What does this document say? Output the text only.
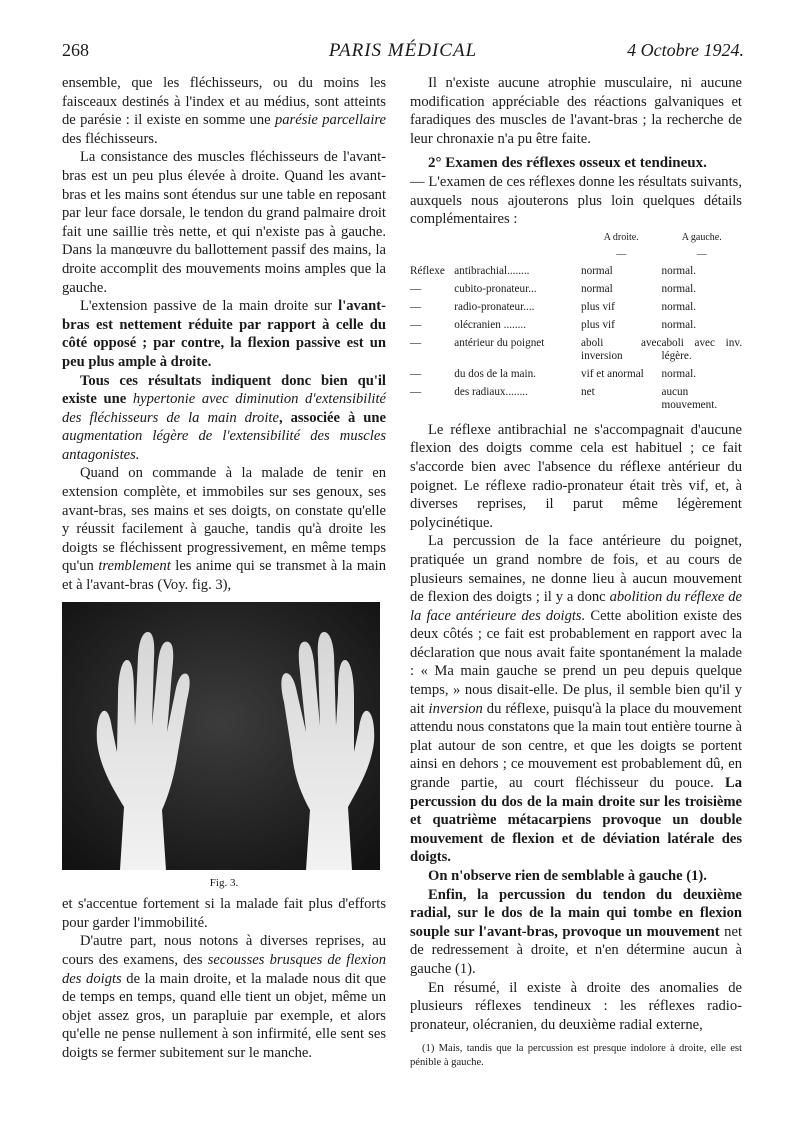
268	PARIS MÉDICAL	4 Octobre 1924.

ensemble, que les fléchisseurs, ou du moins les faisceaux destinés à l'index et au médius, sont atteints de parésie : il existe en somme une parésie parcellaire des fléchisseurs.

La consistance des muscles fléchisseurs de l'avant-bras est un peu plus élevée à droite. Quand les avant-bras et les mains sont étendus sur une table en reposant par leur face dorsale, le tendon du grand palmaire droit fait une saillie très nette, et qui n'existe pas à gauche. Dans la manœuvre du ballottement passif des mains, la droite accomplit des mouvements moins amples que la gauche.

L'extension passive de la main droite sur l'avant-bras est nettement réduite par rapport à celle du côté opposé ; par contre, la flexion passive est un peu plus ample à droite.

Tous ces résultats indiquent donc bien qu'il existe une hypertonie avec diminution d'extensibilité des fléchisseurs de la main droite, associée à une augmentation légère de l'extensibilité des muscles antagonistes.

Quand on commande à la malade de tenir en extension complète, et immobiles sur ses genoux, ses avant-bras, ses mains et ses doigts, on constate qu'elle y réussit facilement à gauche, tandis qu'à droite les doigts se fléchissent progressivement, en même temps qu'un tremblement les anime qui se transmet à la main et à l'avant-bras (Voy. fig. 3),

Fig. 3.

et s'accentue fortement si la malade fait plus d'efforts pour garder l'immobilité.

D'autre part, nous notons à diverses reprises, au cours des examens, des secousses brusques de flexion des doigts de la main droite, et la malade nous dit que de temps en temps, quand elle tient un objet, même un objet assez gros, un parapluie par exemple, et alors qu'elle ne pense nullement à son infirmité, elle sent ses doigts se fermer subitement sur le manche.

Il n'existe aucune atrophie musculaire, ni aucune modification appréciable des réactions galvaniques et faradiques des muscles de l'avant-bras ; la recherche de leur chronaxie n'a pu être faite.

2° Examen des réflexes osseux et tendineux.

— L'examen de ces réflexes donne les résultats suivants, auxquels nous ajouterons plus loin quelques détails complémentaires :

		A droite.	A gauche.
		—	—
Réflexe	antibrachial........	normal	normal.
—	cubito-pronateur...	normal	normal.
—	radio-pronateur....	plus vif	normal.
—	olécranien ........	plus vif	normal.
—	antérieur du poignet	aboli avec inversion	aboli avec inv. légère.
—	du dos de la main.	vif et anormal	normal.
—	des radiaux........	net	aucun mouvement.

Le réflexe antibrachial ne s'accompagnait d'aucune flexion des doigts comme cela est habituel ; ce fait s'accorde bien avec l'absence du réflexe antérieur du poignet. Le réflexe radio-pronateur était très vif, et, à diverses reprises, il parut même légèrement polycinétique.

La percussion de la face antérieure du poignet, pratiquée un grand nombre de fois, et au cours de plusieurs semaines, ne donne lieu à aucun mouvement de flexion des doigts ; il y a donc abolition du réflexe de la face antérieure des doigts. Cette abolition existe des deux côtés ; ce fait est probablement en rapport avec la déclaration que nous avait faite spontanément la malade : « Ma main gauche se prend un peu depuis quelque temps, » nous disait-elle. De plus, il semble bien qu'il y ait inversion du réflexe, puisqu'à la place du mouvement attendu nous constatons que la main tout entière tourne à plat autour de son centre, et que les doigts se portent ainsi en dehors ; ce mouvement est probablement dû, en grande partie, au court fléchisseur du pouce. La percussion du dos de la main droite sur les troisième et quatrième métacarpiens provoque un double mouvement de flexion et de déviation latérale des doigts.

On n'observe rien de semblable à gauche (1).

Enfin, la percussion du tendon du deuxième radial, sur le dos de la main qui tombe en flexion souple sur l'avant-bras, provoque un mouvement net de redressement à droite, et n'en détermine aucun à gauche (1).

En résumé, il existe à droite des anomalies de plusieurs réflexes tendineux : les réflexes radio-pronateur, olécranien, du deuxième radial externe,

(1) Mais, tandis que la percussion est presque indolore à droite, elle est pénible à gauche.
